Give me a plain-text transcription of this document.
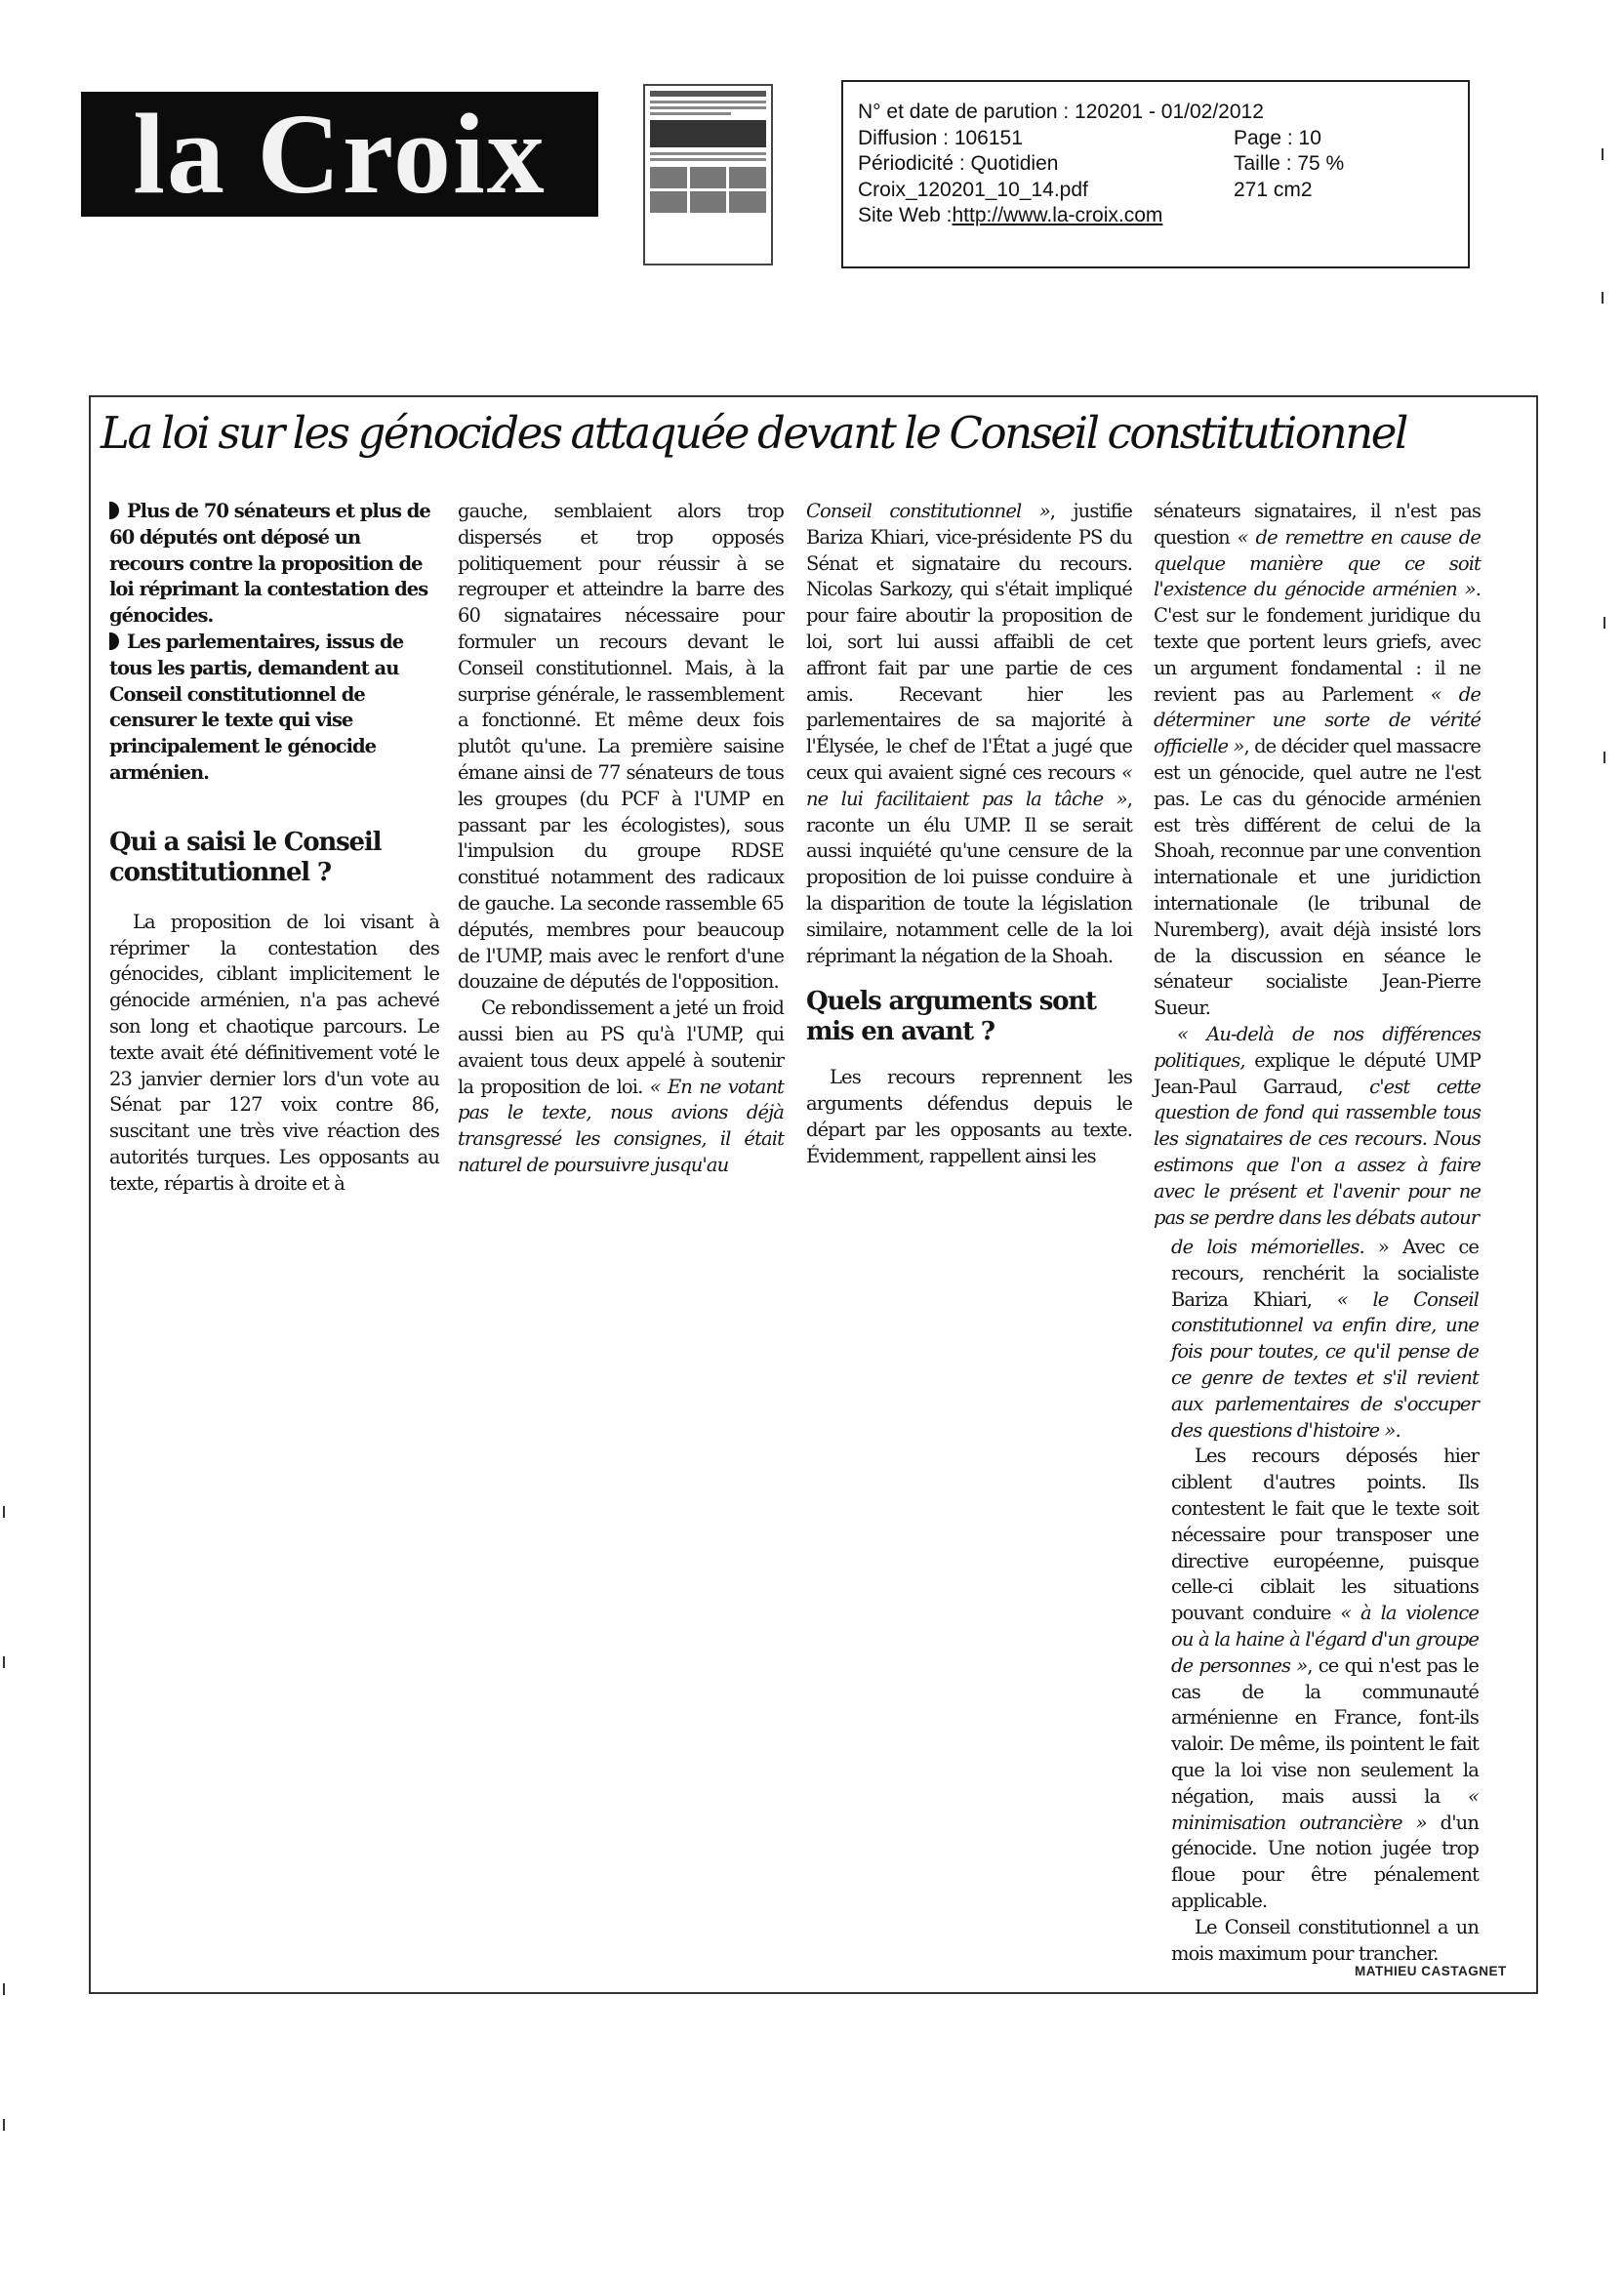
la Croix	N° et date de parution : 120201 - 01/02/2012
Diffusion : 106151	Page : 10
Périodicité : Quotidien	Taille : 75 %
Croix_120201_10_14.pdf	271 cm2
Site Web : http://www.la-croix.com
La loi sur les génocides attaquée devant le Conseil constitutionnel

Plus de 70 sénateurs et plus de 60 députés ont déposé un recours contre la proposition de loi réprimant la contestation des génocides.

Les parlementaires, issus de tous les partis, demandent au Conseil constitutionnel de censurer le texte qui vise principalement le génocide arménien.

Qui a saisi le Conseil constitutionnel ?

La proposition de loi visant à réprimer la contestation des génocides, ciblant implicitement le génocide arménien, n'a pas achevé son long et chaotique parcours. Le texte avait été définitivement voté le 23 janvier dernier lors d'un vote au Sénat par 127 voix contre 86, suscitant une très vive réaction des autorités turques. Les opposants au texte, répartis à droite et à

gauche, semblaient alors trop dispersés et trop opposés politiquement pour réussir à se regrouper et atteindre la barre des 60 signataires nécessaire pour formuler un recours devant le Conseil constitutionnel. Mais, à la surprise générale, le rassemblement a fonctionné. Et même deux fois plutôt qu'une. La première saisine émane ainsi de 77 sénateurs de tous les groupes (du PCF à l'UMP en passant par les écologistes), sous l'impulsion du groupe RDSE constitué notamment des radicaux de gauche. La seconde rassemble 65 députés, membres pour beaucoup de l'UMP, mais avec le renfort d'une douzaine de députés de l'opposition.

Ce rebondissement a jeté un froid aussi bien au PS qu'à l'UMP, qui avaient tous deux appelé à soutenir la proposition de loi. « En ne votant pas le texte, nous avions déjà transgressé les consignes, il était naturel de poursuivre jusqu'au

Conseil constitutionnel », justifie Bariza Khiari, vice-présidente PS du Sénat et signataire du recours. Nicolas Sarkozy, qui s'était impliqué pour faire aboutir la proposition de loi, sort lui aussi affaibli de cet affront fait par une partie de ces amis. Recevant hier les parlementaires de sa majorité à l'Élysée, le chef de l'État a jugé que ceux qui avaient signé ces recours « ne lui facilitaient pas la tâche », raconte un élu UMP. Il se serait aussi inquiété qu'une censure de la proposition de loi puisse conduire à la disparition de toute la législation similaire, notamment celle de la loi réprimant la négation de la Shoah.

Quels arguments sont mis en avant ?

Les recours reprennent les arguments défendus depuis le départ par les opposants au texte. Évidemment, rappellent ainsi les

sénateurs signataires, il n'est pas question « de remettre en cause de quelque manière que ce soit l'existence du génocide arménien ». C'est sur le fondement juridique du texte que portent leurs griefs, avec un argument fondamental : il ne revient pas au Parlement « de déterminer une sorte de vérité officielle », de décider quel massacre est un génocide, quel autre ne l'est pas. Le cas du génocide arménien est très différent de celui de la Shoah, reconnue par une convention internationale et une juridiction internationale (le tribunal de Nuremberg), avait déjà insisté lors de la discussion en séance le sénateur socialiste Jean-Pierre Sueur.

« Au-delà de nos différences politiques, explique le député UMP Jean-Paul Garraud, c'est cette question de fond qui rassemble tous les signataires de ces recours. Nous estimons que l'on a assez à faire avec le présent et l'avenir pour ne pas se perdre dans les débats autour

de lois mémorielles. » Avec ce recours, renchérit la socialiste Bariza Khiari, « le Conseil constitutionnel va enfin dire, une fois pour toutes, ce qu'il pense de ce genre de textes et s'il revient aux parlementaires de s'occuper des questions d'histoire ».

Les recours déposés hier ciblent d'autres points. Ils contestent le fait que le texte soit nécessaire pour transposer une directive européenne, puisque celle-ci ciblait les situations pouvant conduire « à la violence ou à la haine à l'égard d'un groupe de personnes », ce qui n'est pas le cas de la communauté arménienne en France, font-ils valoir. De même, ils pointent le fait que la loi vise non seulement la négation, mais aussi la « minimisation outrancière » d'un génocide. Une notion jugée trop floue pour être pénalement applicable.

Le Conseil constitutionnel a un mois maximum pour trancher.

MATHIEU CASTAGNET
